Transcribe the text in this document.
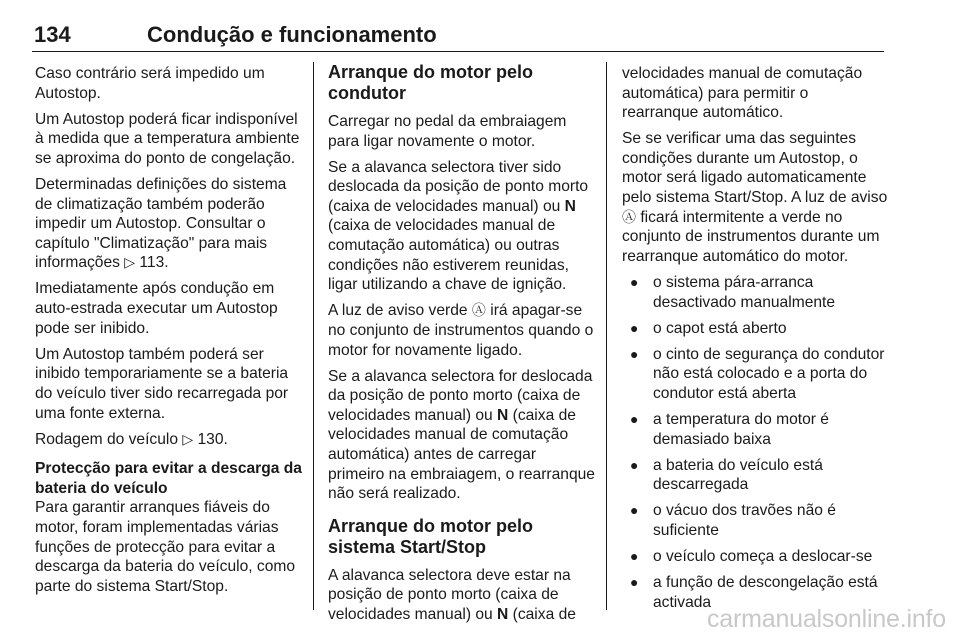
134	Condução e funcionamento

Caso contrário será impedido um Autostop.

Um Autostop poderá ficar indisponível à medida que a temperatura ambiente se aproxima do ponto de congelação.

Determinadas definições do sistema de climatização também poderão impedir um Autostop. Consultar o capítulo "Climatização" para mais informações ▷ 113.

Imediatamente após condução em auto-estrada executar um Autostop pode ser inibido.

Um Autostop também poderá ser inibido temporariamente se a bateria do veículo tiver sido recarregada por uma fonte externa.

Rodagem do veículo ▷ 130.

Protecção para evitar a descarga da bateria do veículo

Para garantir arranques fiáveis do motor, foram implementadas várias funções de protecção para evitar a descarga da bateria do veículo, como parte do sistema Start/Stop.

Arranque do motor pelo condutor

Carregar no pedal da embraiagem para ligar novamente o motor.

Se a alavanca selectora tiver sido deslocada da posição de ponto morto (caixa de velocidades manual) ou N (caixa de velocidades manual de comutação automática) ou outras condições não estiverem reunidas, ligar utilizando a chave de ignição.

A luz de aviso verde Ⓐ irá apagar-se no conjunto de instrumentos quando o motor for novamente ligado.

Se a alavanca selectora for deslocada da posição de ponto morto (caixa de velocidades manual) ou N (caixa de velocidades manual de comutação automática) antes de carregar primeiro na embraiagem, o rearranque não será realizado.

Arranque do motor pelo sistema Start/Stop

A alavanca selectora deve estar na posição de ponto morto (caixa de velocidades manual) ou N (caixa de

velocidades manual de comutação automática) para permitir o rearranque automático.

Se se verificar uma das seguintes condições durante um Autostop, o motor será ligado automaticamente pelo sistema Start/Stop. A luz de aviso Ⓐ ficará intermitente a verde no conjunto de instrumentos durante um rearranque automático do motor.

● o sistema pára-arranca desactivado manualmente
● o capot está aberto
● o cinto de segurança do condutor não está colocado e a porta do condutor está aberta
● a temperatura do motor é demasiado baixa
● a bateria do veículo está descarregada
● o vácuo dos travões não é suficiente
● o veículo começa a deslocar-se
● a função de descongelação está activada
carmanualsonline.info
